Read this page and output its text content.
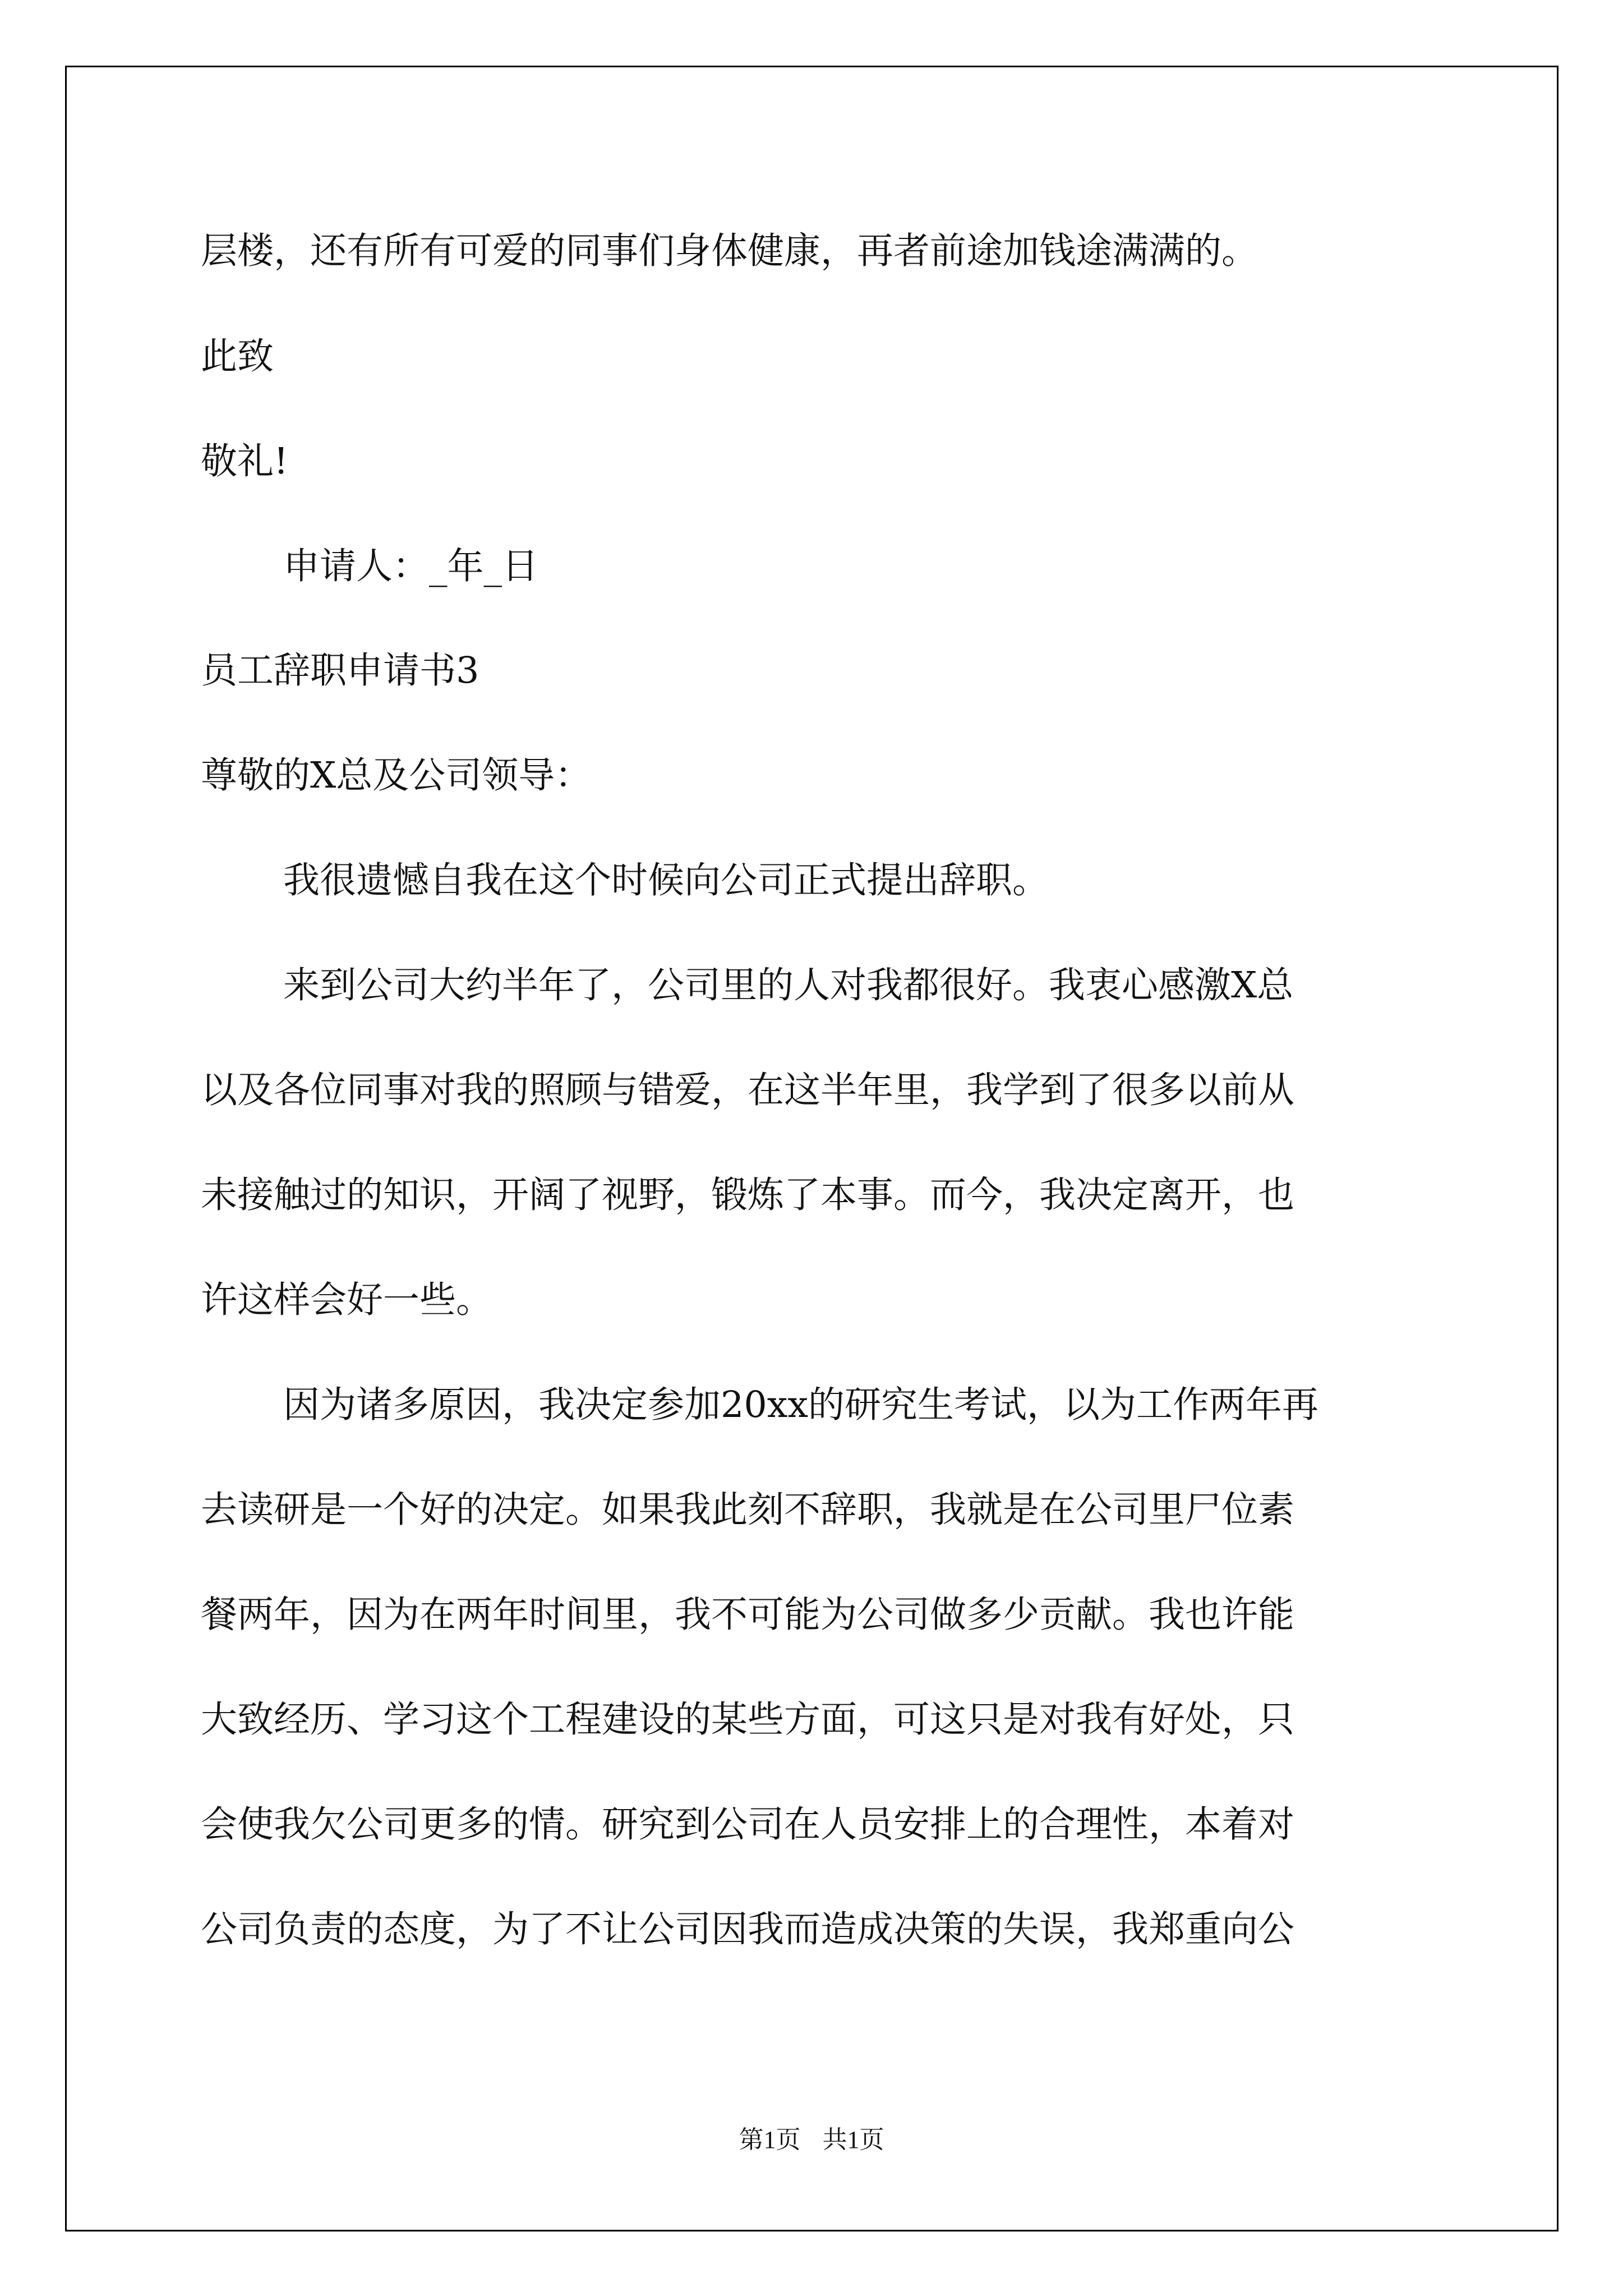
层楼，还有所有可爱的同事们身体健康，再者前途加钱途满满的。
此致
敬礼!
申请人：_年_日
员工辞职申请书3
尊敬的X总及公司领导：
我很遗憾自我在这个时候向公司正式提出辞职。
来到公司大约半年了，公司里的人对我都很好。我衷心感激X总
以及各位同事对我的照顾与错爱，在这半年里，我学到了很多以前从
未接触过的知识，开阔了视野，锻炼了本事。而今，我决定离开，也
许这样会好一些。
因为诸多原因，我决定参加20xx的研究生考试，以为工作两年再
去读研是一个好的决定。如果我此刻不辞职，我就是在公司里尸位素
餐两年，因为在两年时间里，我不可能为公司做多少贡献。我也许能
大致经历、学习这个工程建设的某些方面，可这只是对我有好处，只
会使我欠公司更多的情。研究到公司在人员安排上的合理性，本着对
公司负责的态度，为了不让公司因我而造成决策的失误，我郑重向公
第1页 共1页
